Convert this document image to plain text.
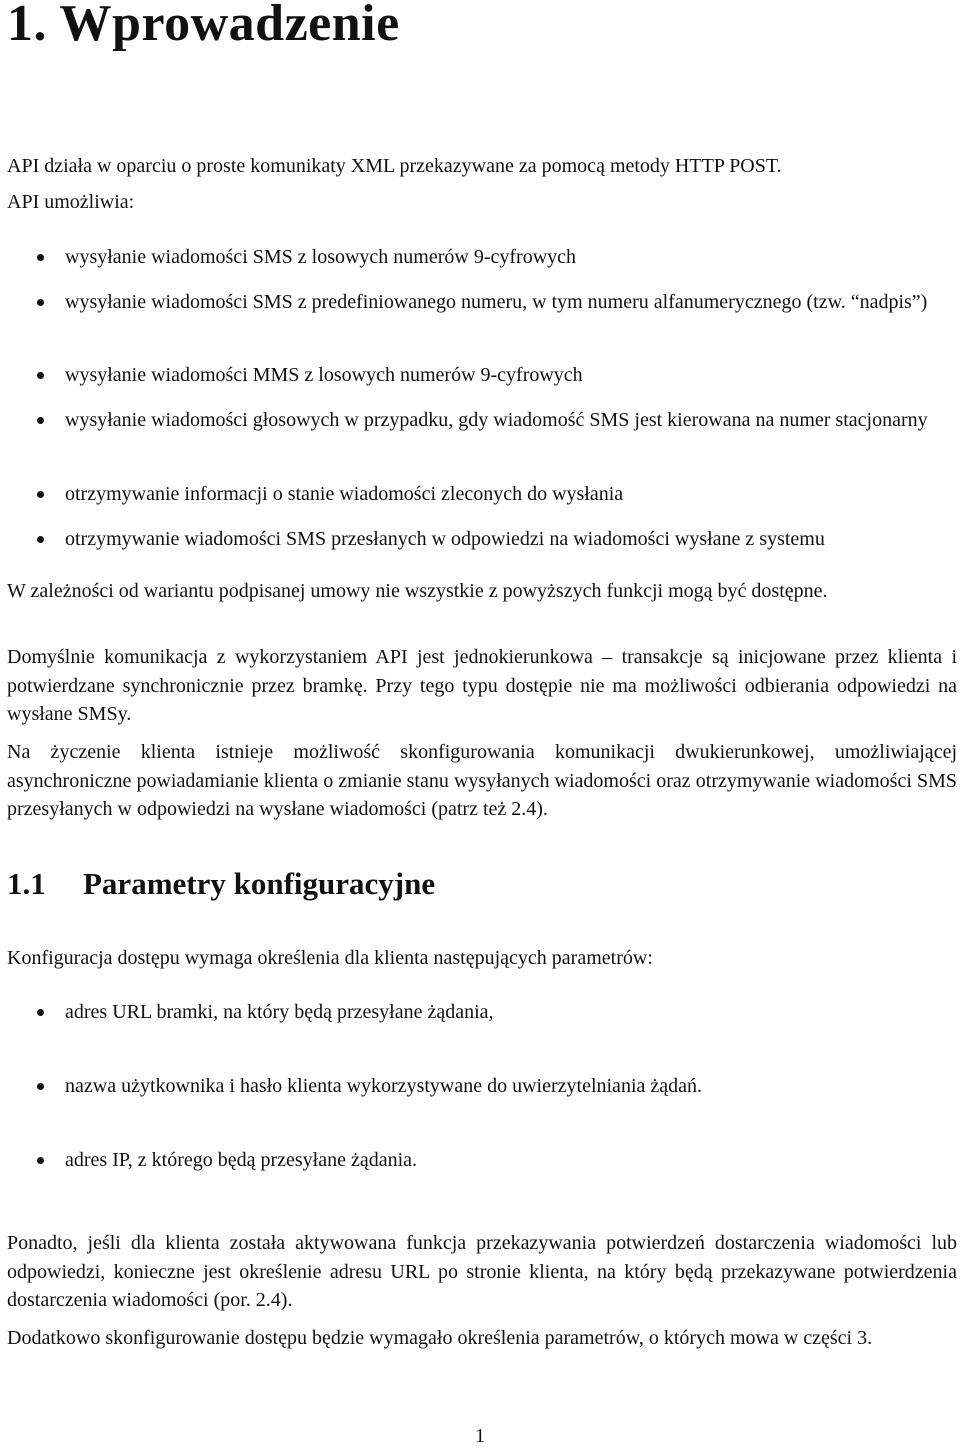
1. Wprowadzenie

API działa w oparciu o proste komunikaty XML przekazywane za pomocą metody HTTP POST.

API umożliwia:

wysyłanie wiadomości SMS z losowych numerów 9-cyfrowych
wysyłanie wiadomości SMS z predefiniowanego numeru, w tym numeru alfanumerycznego (tzw. “nadpis”)
wysyłanie wiadomości MMS z losowych numerów 9-cyfrowych
wysyłanie wiadomości głosowych w przypadku, gdy wiadomość SMS jest kierowana na numer stacjonarny
otrzymywanie informacji o stanie wiadomości zleconych do wysłania
otrzymywanie wiadomości SMS przesłanych w odpowiedzi na wiadomości wysłane z systemu

W zależności od wariantu podpisanej umowy nie wszystkie z powyższych funkcji mogą być dostępne.

Domyślnie komunikacja z wykorzystaniem API jest jednokierunkowa – transakcje są inicjowane przez klienta i potwierdzane synchronicznie przez bramkę. Przy tego typu dostępie nie ma możliwości odbierania odpowiedzi na wysłane SMSy.

Na życzenie klienta istnieje możliwość skonfigurowania komunikacji dwukierunkowej, umożliwiającej asynchroniczne powiadamianie klienta o zmianie stanu wysyłanych wiadomości oraz otrzymywanie wiadomości SMS przesyłanych w odpowiedzi na wysłane wiadomości (patrz też 2.4).

1.1 Parametry konfiguracyjne

Konfiguracja dostępu wymaga określenia dla klienta następujących parametrów:

adres URL bramki, na który będą przesyłane żądania,
nazwa użytkownika i hasło klienta wykorzystywane do uwierzytelniania żądań.
adres IP, z którego będą przesyłane żądania.

Ponadto, jeśli dla klienta została aktywowana funkcja przekazywania potwierdzeń dostarczenia wiadomości lub odpowiedzi, konieczne jest określenie adresu URL po stronie klienta, na który będą przekazywane potwierdzenia dostarczenia wiadomości (por. 2.4).

Dodatkowo skonfigurowanie dostępu będzie wymagało określenia parametrów, o których mowa w części 3.

1
